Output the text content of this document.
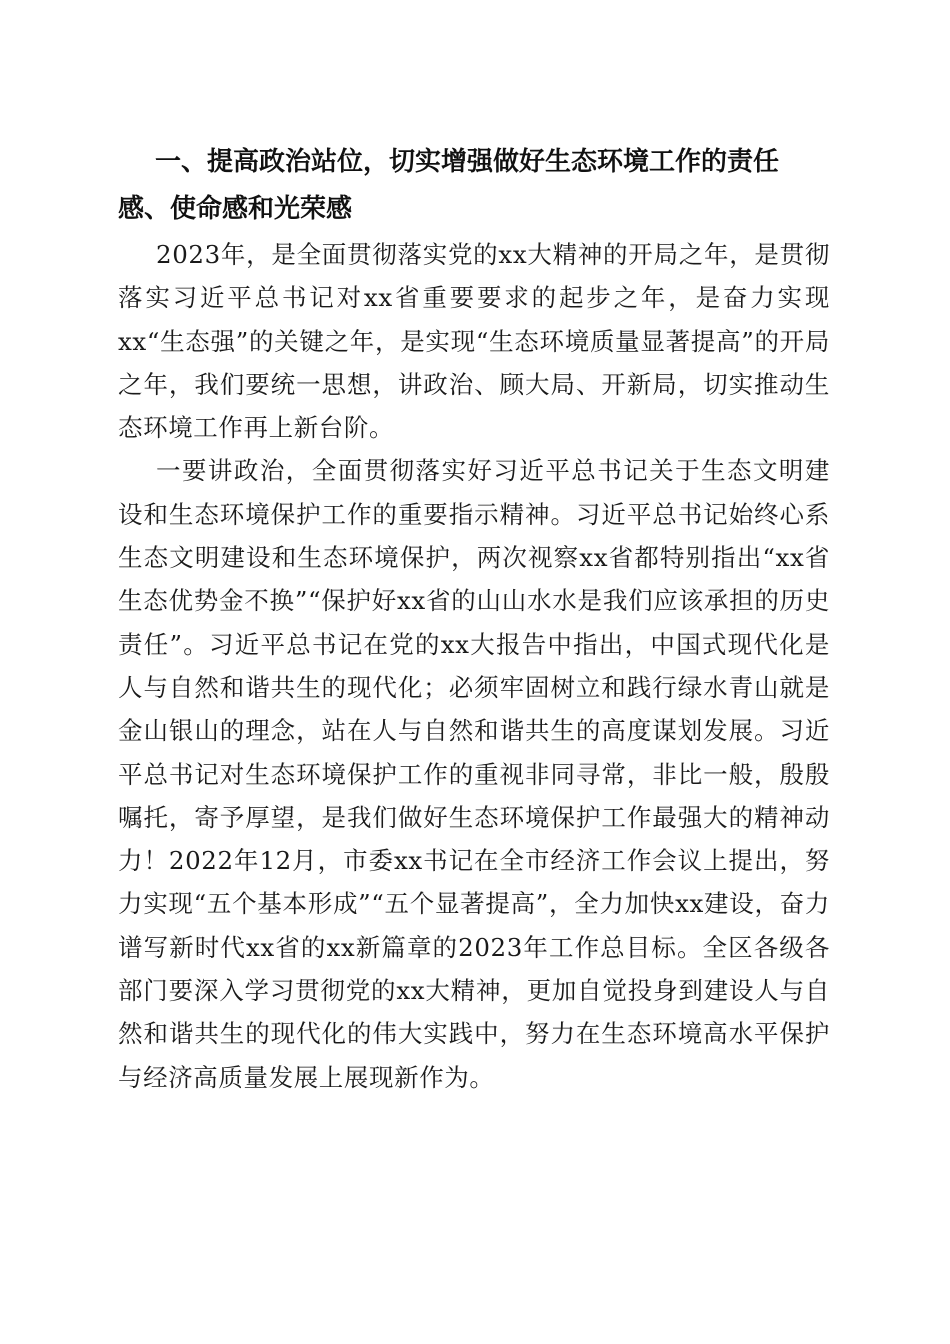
一、提高政治站位，切实增强做好生态环境工作的责任感、使命感和光荣感

2023年，是全面贯彻落实党的xx大精神的开局之年，是贯彻落实习近平总书记对xx省重要要求的起步之年，是奋力实现xx“生态强”的关键之年，是实现“生态环境质量显著提高”的开局之年，我们要统一思想，讲政治、顾大局、开新局，切实推动生态环境工作再上新台阶。

一要讲政治，全面贯彻落实好习近平总书记关于生态文明建设和生态环境保护工作的重要指示精神。习近平总书记始终心系生态文明建设和生态环境保护，两次视察xx省都特别指出“xx省生态优势金不换”“保护好xx省的山山水水是我们应该承担的历史责任”。习近平总书记在党的xx大报告中指出，中国式现代化是人与自然和谐共生的现代化；必须牢固树立和践行绿水青山就是金山银山的理念，站在人与自然和谐共生的高度谋划发展。习近平总书记对生态环境保护工作的重视非同寻常，非比一般，殷殷嘱托，寄予厚望，是我们做好生态环境保护工作最强大的精神动力！2022年12月，市委xx书记在全市经济工作会议上提出，努力实现“五个基本形成”“五个显著提高”，全力加快xx建设，奋力谱写新时代xx省的xx新篇章的2023年工作总目标。全区各级各部门要深入学习贯彻党的xx大精神，更加自觉投身到建设人与自然和谐共生的现代化的伟大实践中，努力在生态环境高水平保护与经济高质量发展上展现新作为。
